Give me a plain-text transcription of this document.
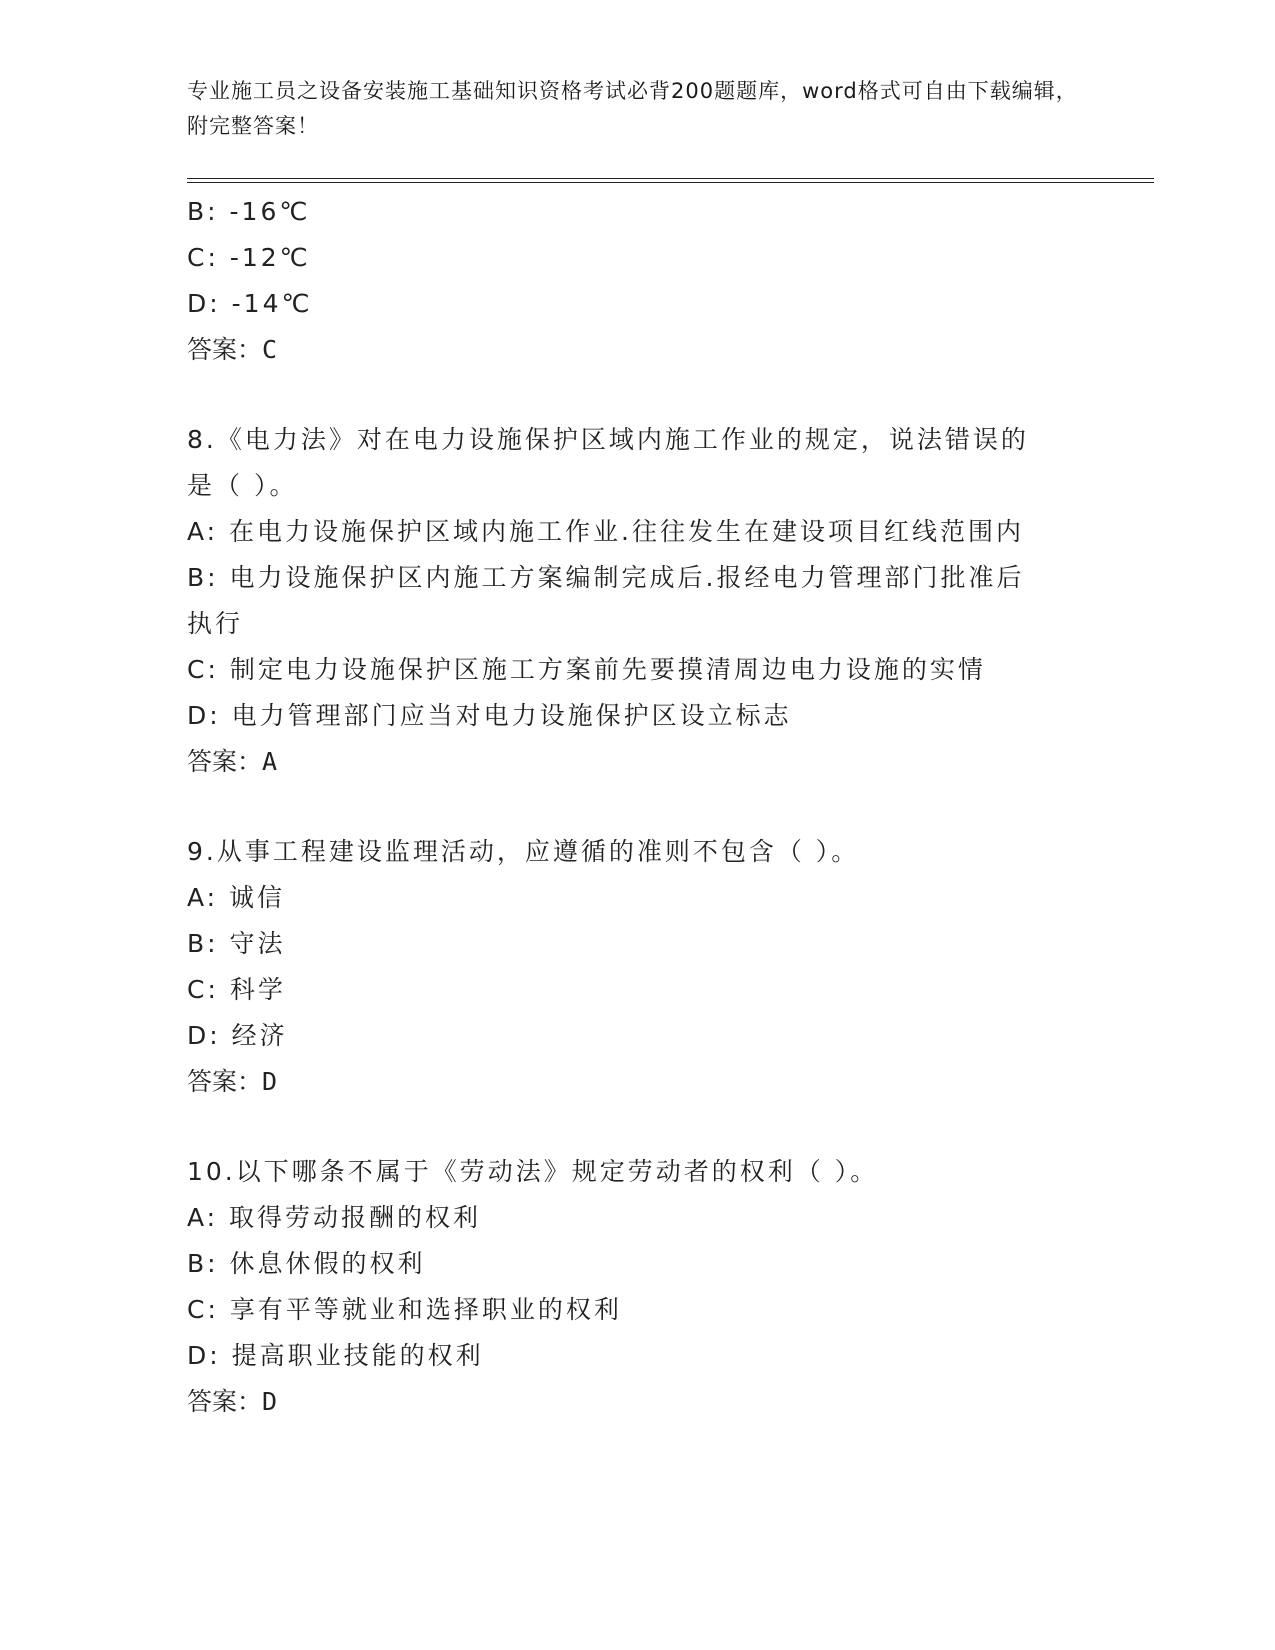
专业施工员之设备安装施工基础知识资格考试必背200题题库，word格式可自由下载编辑，附完整答案！

B: -16℃

C: -12℃

D: -14℃

答案：C

8.《电力法》对在电力设施保护区域内施工作业的规定，说法错误的

是（ ）。

A: 在电力设施保护区域内施工作业.往往发生在建设项目红线范围内

B: 电力设施保护区内施工方案编制完成后.报经电力管理部门批准后

执行

C: 制定电力设施保护区施工方案前先要摸清周边电力设施的实情

D: 电力管理部门应当对电力设施保护区设立标志

答案：A

9.从事工程建设监理活动，应遵循的准则不包含（ ）。

A: 诚信

B: 守法

C: 科学

D: 经济

答案：D

10.以下哪条不属于《劳动法》规定劳动者的权利（ ）。

A: 取得劳动报酬的权利

B: 休息休假的权利

C: 享有平等就业和选择职业的权利

D: 提高职业技能的权利

答案：D
